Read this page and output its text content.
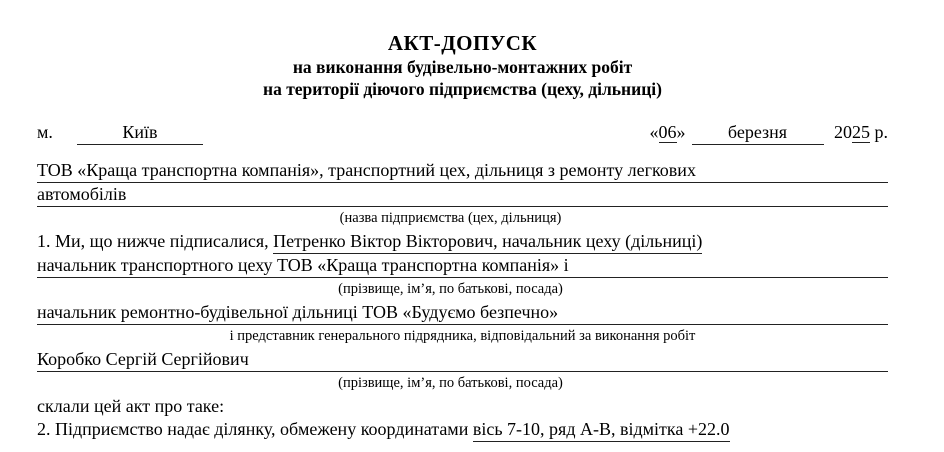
АКТ-ДОПУСК
на виконання будівельно-монтажних робіт
на території діючого підприємства (цеху, дільниці)
м.	Київ	«06» березня 2025 р.
ТОВ «Краща транспортна компанія», транспортний цех, дільниця з ремонту легкових
автомобілів
(назва підприємства (цех, дільниця)
1. Ми, що нижче підписалися, Петренко Віктор Вікторович, начальник цеху (дільниці)
начальник транспортного цеху ТОВ «Краща транспортна компанія» і
(прізвище, ім’я, по батькові, посада)
начальник ремонтно-будівельної дільниці ТОВ «Будуємо безпечно»
і представник генерального підрядника, відповідальний за виконання робіт
Коробко Сергій Сергійович
(прізвище, ім’я, по батькові, посада)
склали цей акт про таке:
2. Підприємство надає ділянку, обмежену координатами вісь 7-10, ряд А-В, відмітка +22.0
